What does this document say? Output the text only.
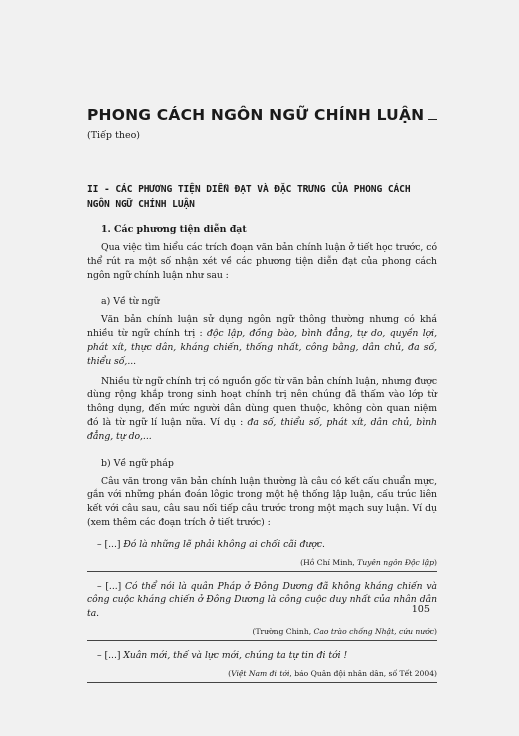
PHONG CÁCH NGÔN NGỮ CHÍNH LUẬN
(Tiếp theo)
II - CÁC PHƯƠNG TIỆN DIỄN ĐẠT VÀ ĐẶC TRƯNG CỦA PHONG CÁCH NGÔN NGỮ CHÍNH LUẬN
1. Các phương tiện diễn đạt
Qua việc tìm hiểu các trích đoạn văn bản chính luận ở tiết học trước, có thể rút ra một số nhận xét về các phương tiện diễn đạt của phong cách ngôn ngữ chính luận như sau :
a) Về từ ngữ
Văn bản chính luận sử dụng ngôn ngữ thông thường nhưng có khá nhiều từ ngữ chính trị : độc lập, đồng bào, bình đẳng, tự do, quyền lợi, phát xít, thực dân, kháng chiến, thống nhất, công bằng, dân chủ, đa số, thiểu số,...
Nhiều từ ngữ chính trị có nguồn gốc từ văn bản chính luận, nhưng được dùng rộng khắp trong sinh hoạt chính trị nên chúng đã thấm vào lớp từ thông dụng, đến mức người dân dùng quen thuộc, không còn quan niệm đó là từ ngữ lí luận nữa. Ví dụ : đa số, thiểu số, phát xít, dân chủ, bình đẳng, tự do,...
b) Về ngữ pháp
Câu văn trong văn bản chính luận thường là câu có kết cấu chuẩn mực, gắn với những phán đoán lôgic trong một hệ thống lập luận, cấu trúc liên kết với câu sau, câu sau nối tiếp câu trước trong một mạch suy luận. Ví dụ (xem thêm các đoạn trích ở tiết trước) :
– [...] Đó là những lẽ phải không ai chối cãi được.
(Hồ Chí Minh, Tuyên ngôn Độc lập)
– [...] Có thể nói là quân Pháp ở Đông Dương đã không kháng chiến và công cuộc kháng chiến ở Đông Dương là công cuộc duy nhất của nhân dân ta.
(Trường Chinh, Cao trào chống Nhật, cứu nước)
– [...] Xuân mới, thế và lực mới, chúng ta tự tin đi tới !
(Việt Nam đi tới, báo Quân đội nhân dân, số Tết 2004)
105
